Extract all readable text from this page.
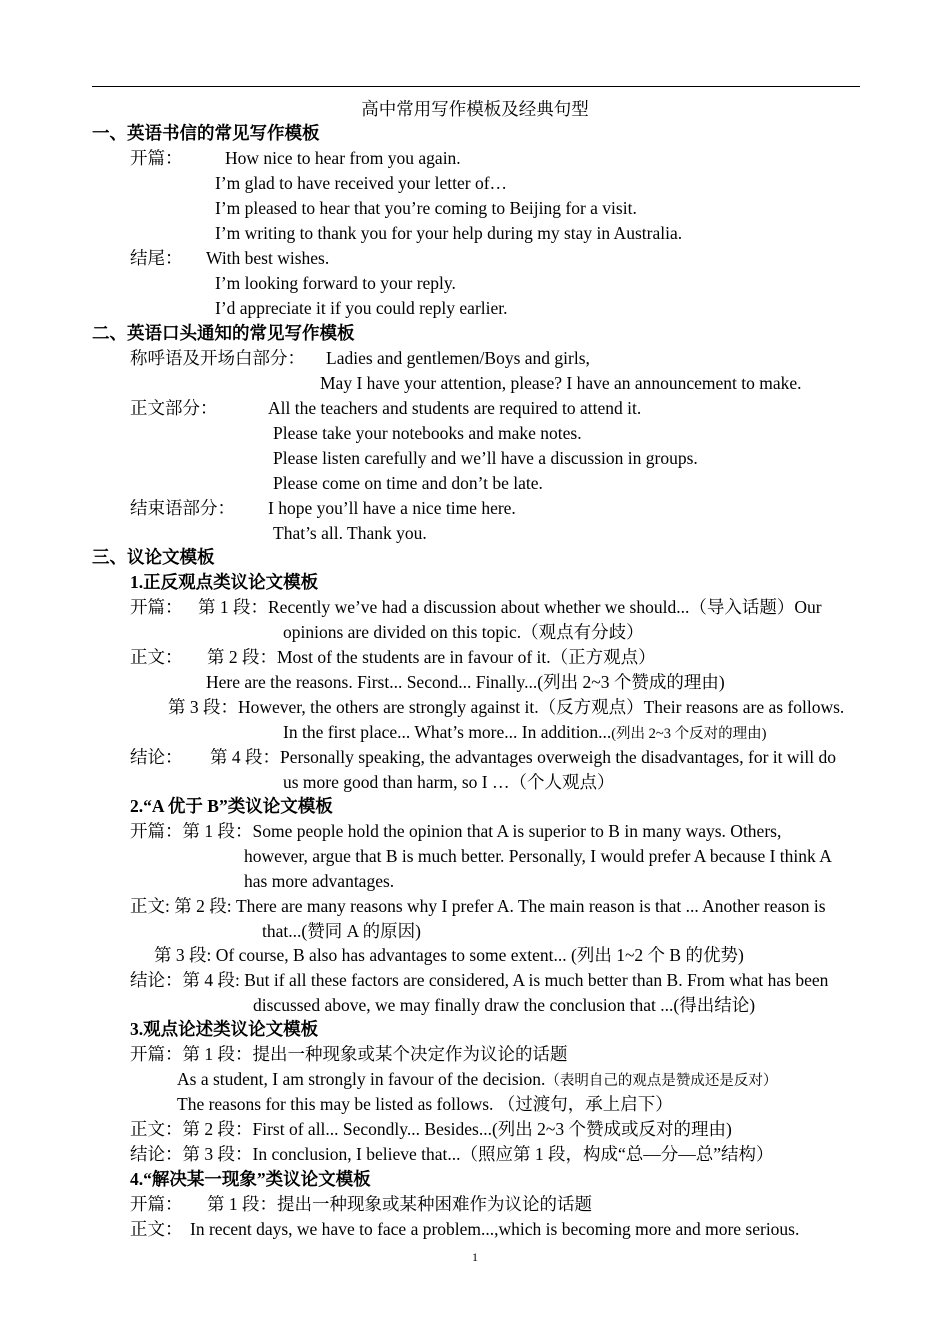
高中常用写作模板及经典句型
一、英语书信的常见写作模板
开篇： How nice to hear from you again.
I’m glad to have received your letter of…
I’m pleased to hear that you’re coming to Beijing for a visit.
I’m writing to thank you for your help during my stay in Australia.
结尾： With best wishes.
I’m looking forward to your reply.
I’d appreciate it if you could reply earlier.
二、英语口头通知的常见写作模板
称呼语及开场白部分： Ladies and gentlemen/Boys and girls,
May I have your attention, please? I have an announcement to make.
正文部分：	All the teachers and students are required to attend it.
Please take your notebooks and make notes.
Please listen carefully and we’ll have a discussion in groups.
Please come on time and don’t be late.
结束语部分： I hope you’ll have a nice time here.
That’s all. Thank you.
三、议论文模板
1.正反观点类议论文模板
开篇： 第 1 段：Recently we’ve had a discussion about whether we should...（导入话题）Our
opinions are divided on this topic.（观点有分歧）
正文： 第 2 段：Most of the students are in favour of it.（正方观点）
Here are the reasons. First... Second... Finally...(列出 2~3 个赞成的理由)
第 3 段：However, the others are strongly against it.（反方观点）Their reasons are as follows.
In the first place... What’s more... In addition...(列出 2~3 个反对的理由)
结论： 第 4 段：Personally speaking, the advantages overweigh the disadvantages, for it will do
us more good than harm, so I …（个人观点）
2.“A 优于 B”类议论文模板
开篇：第 1 段：Some people hold the opinion that A is superior to B in many ways. Others,
however, argue that B is much better. Personally, I would prefer A because I think A
has more advantages.
正文: 第 2 段: There are many reasons why I prefer A. The main reason is that ... Another reason is
that...(赞同 A 的原因)
第 3 段: Of course, B also has advantages to some extent... (列出 1~2 个 B 的优势)
结论：第 4 段: But if all these factors are considered, A is much better than B. From what has been
discussed above, we may finally draw the conclusion that ...(得出结论)
3.观点论述类议论文模板
开篇：第 1 段：提出一种现象或某个决定作为议论的话题
As a student, I am strongly in favour of the decision.（表明自己的观点是赞成还是反对）
The reasons for this may be listed as follows. （过渡句，承上启下）
正文：第 2 段：First of all... Secondly... Besides...(列出 2~3 个赞成或反对的理由)
结论：第 3 段：In conclusion, I believe that...（照应第 1 段，构成“总—分—总”结构）
4.“解决某一现象”类议论文模板
开篇： 第 1 段：提出一种现象或某种困难作为议论的话题
正文： In recent days, we have to face a problem...,which is becoming more and more serious.
1
